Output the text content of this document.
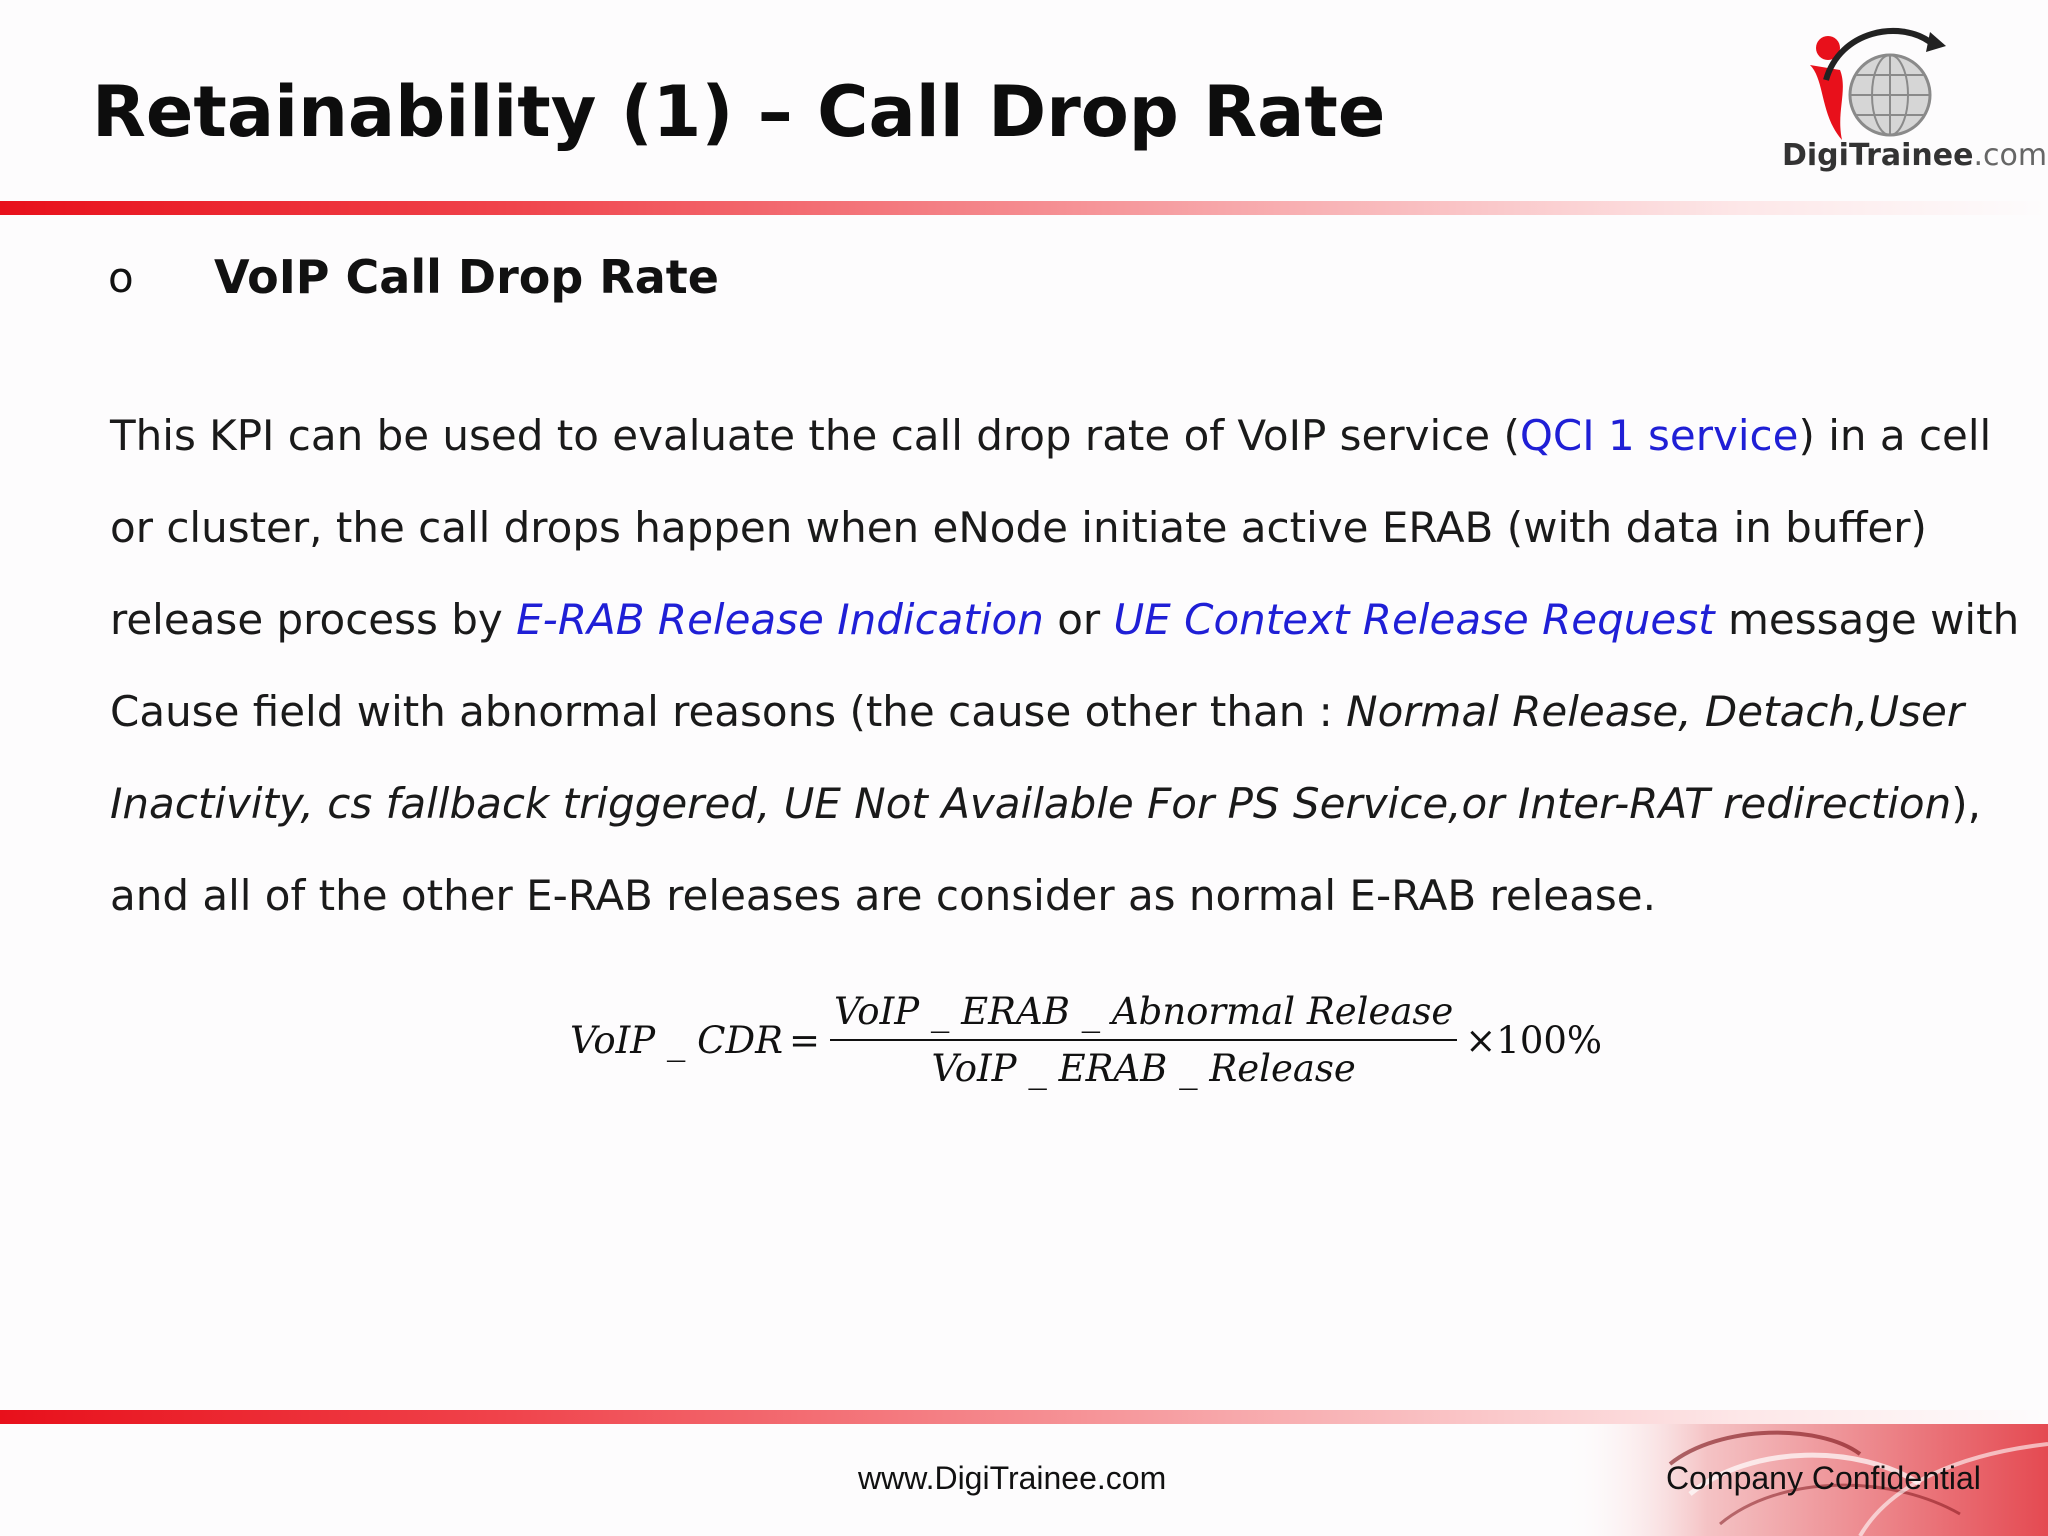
Retainability (1) – Call Drop Rate
DigiTrainee.com
o VoIP Call Drop Rate
This KPI can be used to evaluate the call drop rate of VoIP service (QCI 1 service) in a cell
or cluster, the call drops happen when eNode initiate active ERAB (with data in buffer)
release process by E-RAB Release Indication or UE Context Release Request message with
Cause field with abnormal reasons (the cause other than : Normal Release, Detach,User
Inactivity, cs fallback triggered, UE Not Available For PS Service,or Inter-RAT redirection),
and all of the other E-RAB releases are consider as normal E-RAB release.
VoIP _ CDR = $\frac{\text{VoIP \_ ERAB \_ Abnormal Release}}{\text{VoIP \_ ERAB \_ Release}} \times 100\%$
www.DigiTrainee.com	Company Confidential
